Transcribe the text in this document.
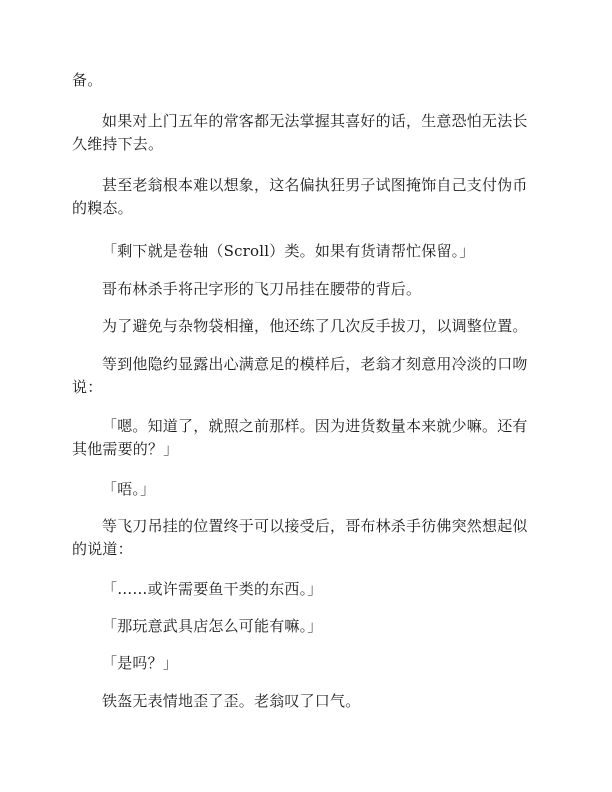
备。

如果对上门五年的常客都无法掌握其喜好的话，生意恐怕无法长久维持下去。

甚至老翁根本难以想象，这名偏执狂男子试图掩饰自己支付伪币的糗态。

「剩下就是卷轴（Scroll）类。如果有货请帮忙保留。」

哥布林杀手将卍字形的飞刀吊挂在腰带的背后。

为了避免与杂物袋相撞，他还练了几次反手拔刀，以调整位置。

等到他隐约显露出心满意足的模样后，老翁才刻意用冷淡的口吻说：

「嗯。知道了，就照之前那样。因为进货数量本来就少嘛。还有其他需要的？」

「唔。」

等飞刀吊挂的位置终于可以接受后，哥布林杀手彷佛突然想起似的说道：

「……或许需要鱼干类的东西。」

「那玩意武具店怎么可能有嘛。」

「是吗？」

铁盔无表情地歪了歪。老翁叹了口气。
